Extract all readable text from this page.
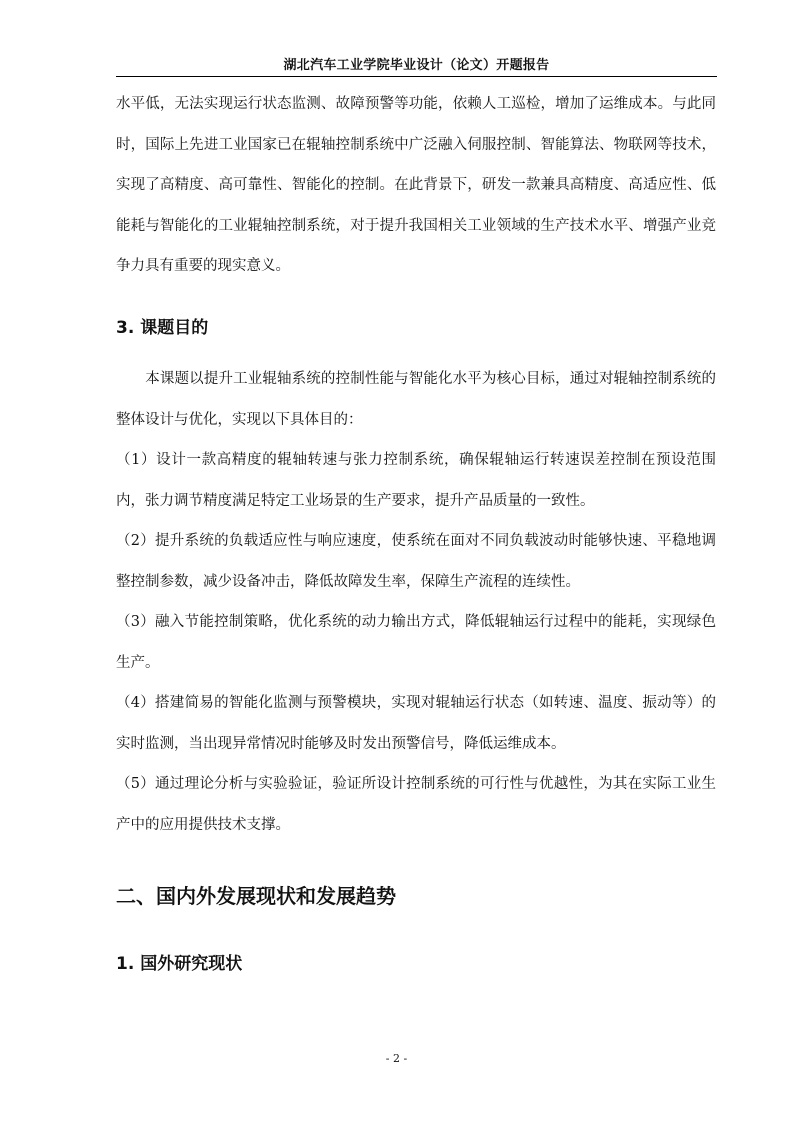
湖北汽车工业学院毕业设计（论文）开题报告

水平低，无法实现运行状态监测、故障预警等功能，依赖人工巡检，增加了运维成本。与此同时，国际上先进工业国家已在辊轴控制系统中广泛融入伺服控制、智能算法、物联网等技术，实现了高精度、高可靠性、智能化的控制。在此背景下，研发一款兼具高精度、高适应性、低能耗与智能化的工业辊轴控制系统，对于提升我国相关工业领域的生产技术水平、增强产业竞争力具有重要的现实意义。

3. 课题目的

　　本课题以提升工业辊轴系统的控制性能与智能化水平为核心目标，通过对辊轴控制系统的整体设计与优化，实现以下具体目的：

（1）设计一款高精度的辊轴转速与张力控制系统，确保辊轴运行转速误差控制在预设范围内，张力调节精度满足特定工业场景的生产要求，提升产品质量的一致性。

（2）提升系统的负载适应性与响应速度，使系统在面对不同负载波动时能够快速、平稳地调整控制参数，减少设备冲击，降低故障发生率，保障生产流程的连续性。

（3）融入节能控制策略，优化系统的动力输出方式，降低辊轴运行过程中的能耗，实现绿色生产。

（4）搭建简易的智能化监测与预警模块，实现对辊轴运行状态（如转速、温度、振动等）的实时监测，当出现异常情况时能够及时发出预警信号，降低运维成本。

（5）通过理论分析与实验验证，验证所设计控制系统的可行性与优越性，为其在实际工业生产中的应用提供技术支撑。

二、国内外发展现状和发展趋势
1. 国外研究现状
- 2 -
